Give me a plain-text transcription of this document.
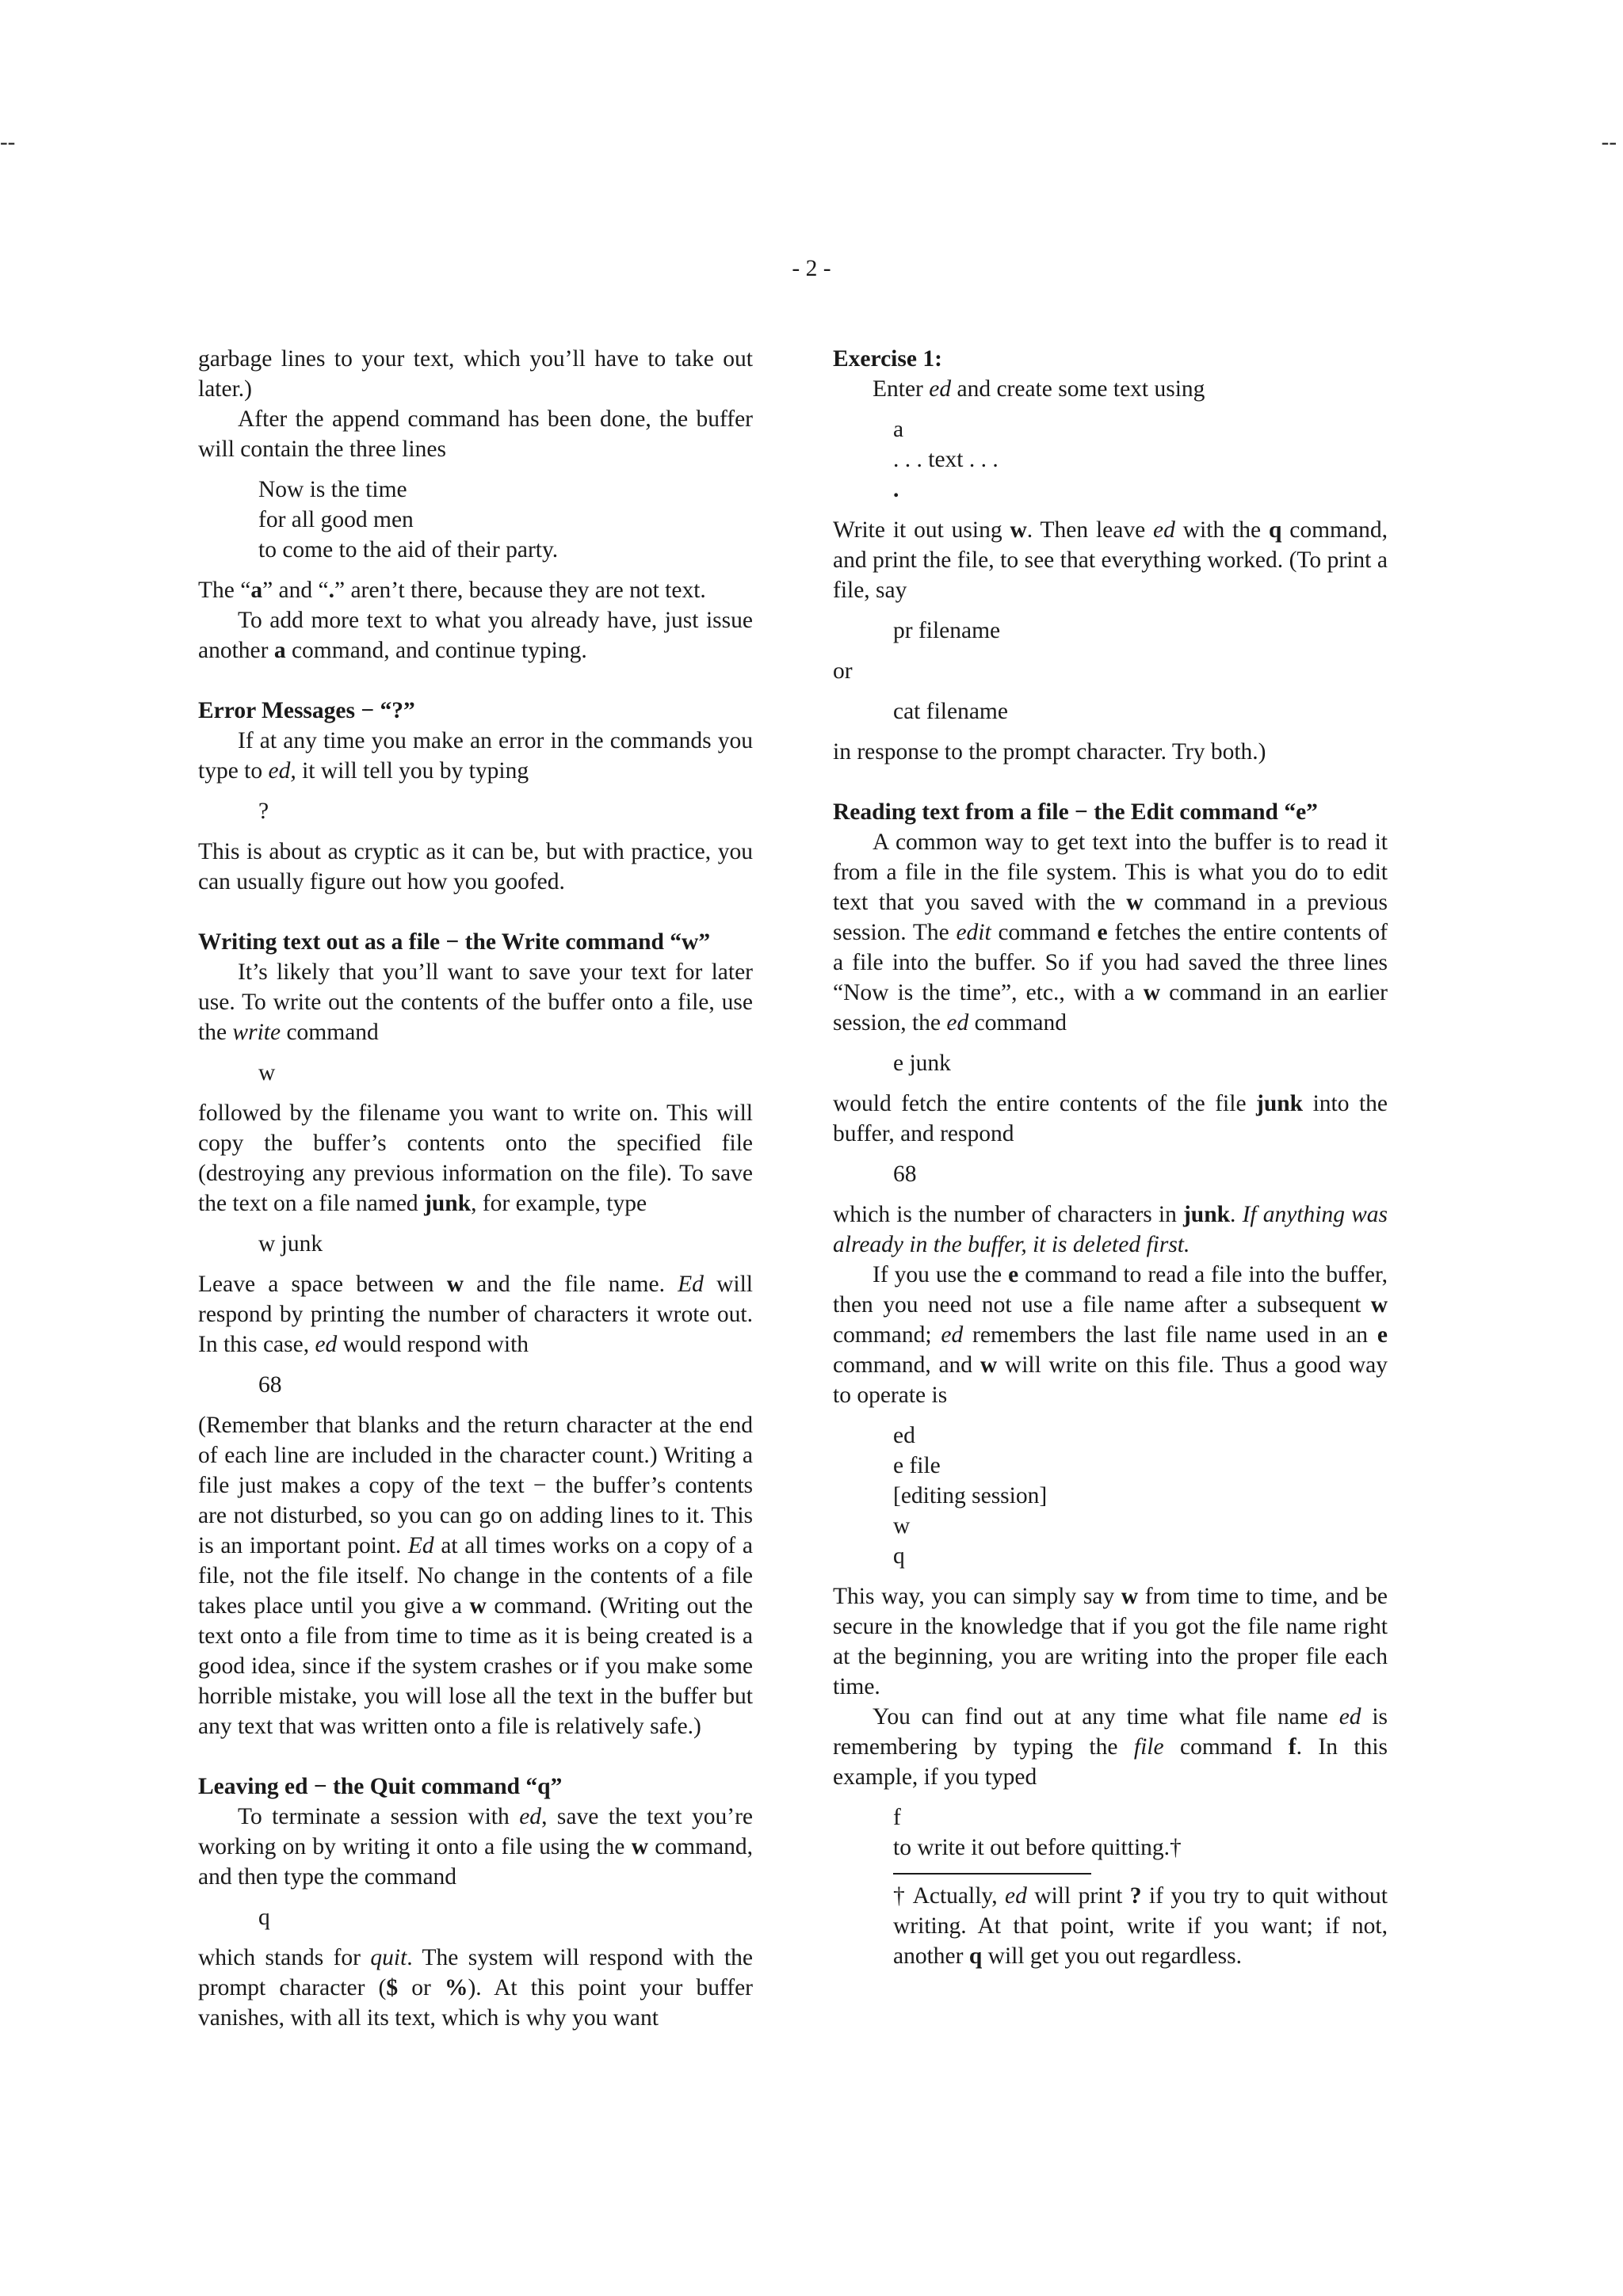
--	--
- 2 -

garbage lines to your text, which you’ll have to take out later.)

After the append command has been done, the buffer will contain the three lines

Now is the time
for all good men
to come to the aid of their party.

The “a” and “.” aren’t there, because they are not text.

To add more text to what you already have, just issue another a command, and continue typing.

Error Messages − “?”

If at any time you make an error in the commands you type to ed, it will tell you by typing

?

This is about as cryptic as it can be, but with practice, you can usually figure out how you goofed.

Writing text out as a file − the Write command “w”

It’s likely that you’ll want to save your text for later use. To write out the contents of the buffer onto a file, use the write command

w

followed by the filename you want to write on. This will copy the buffer’s contents onto the specified file (destroying any previous information on the file). To save the text on a file named junk, for example, type

w junk

Leave a space between w and the file name. Ed will respond by printing the number of characters it wrote out. In this case, ed would respond with

68

(Remember that blanks and the return character at the end of each line are included in the character count.) Writing a file just makes a copy of the text − the buffer’s contents are not disturbed, so you can go on adding lines to it. This is an important point. Ed at all times works on a copy of a file, not the file itself. No change in the contents of a file takes place until you give a w command. (Writing out the text onto a file from time to time as it is being created is a good idea, since if the system crashes or if you make some horrible mistake, you will lose all the text in the buffer but any text that was written onto a file is relatively safe.)

Leaving ed − the Quit command “q”

To terminate a session with ed, save the text you’re working on by writing it onto a file using the w command, and then type the command

q

which stands for quit. The system will respond with the prompt character ($ or %). At this point your buffer vanishes, with all its text, which is why you want

Exercise 1:

Enter ed and create some text using

a
. . . text . . .
.

Write it out using w. Then leave ed with the q command, and print the file, to see that everything worked. (To print a file, say

pr filename

or

cat filename

in response to the prompt character. Try both.)

Reading text from a file − the Edit command “e”

A common way to get text into the buffer is to read it from a file in the file system. This is what you do to edit text that you saved with the w command in a previous session. The edit command e fetches the entire contents of a file into the buffer. So if you had saved the three lines “Now is the time”, etc., with a w command in an earlier session, the ed command

e junk

would fetch the entire contents of the file junk into the buffer, and respond

68

which is the number of characters in junk. If anything was already in the buffer, it is deleted first.

If you use the e command to read a file into the buffer, then you need not use a file name after a subsequent w command; ed remembers the last file name used in an e command, and w will write on this file. Thus a good way to operate is

ed
e file
[editing session]
w
q

This way, you can simply say w from time to time, and be secure in the knowledge that if you got the file name right at the beginning, you are writing into the proper file each time.

You can find out at any time what file name ed is remembering by typing the file command f. In this example, if you typed

f
to write it out before quitting.†

† Actually, ed will print ? if you try to quit without writing. At that point, write if you want; if not, another q will get you out regardless.
